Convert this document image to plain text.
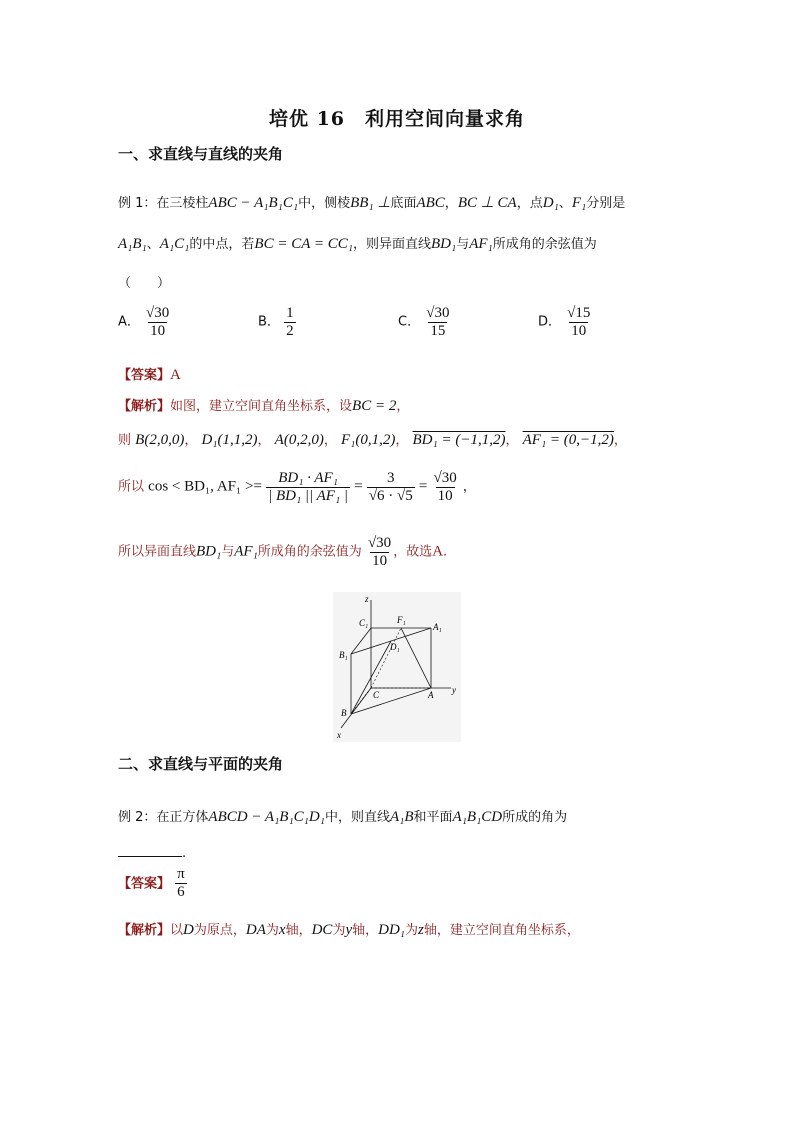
培优 16　利用空间向量求角
一、求直线与直线的夹角
例 1：在三棱柱ABC − A₁B₁C₁中，侧棱BB₁ ⊥底面ABC，BC ⊥ CA，点D₁、F₁分别是
A₁B₁、A₁C₁的中点，若BC = CA = CC₁，则异面直线BD₁与AF₁所成角的余弦值为
（　　）
A． $\frac{√30}{10}$	B． $\frac{1}{2}$	C． $\frac{√30}{15}$	D． $\frac{√15}{10}$
【答案】A
【解析】如图，建立空间直角坐标系，设BC = 2，
则 B(2,0,0)， D₁(1,1,2)， A(0,2,0)， F₁(0,1,2)， BD₁ = (−1,1,2)， AF₁ = (0,−1,2)，
所以 cos < BD₁, $AF_1 >= \frac{\text{BD₁ · AF₁}}{\text{| BD₁ || AF₁ |}} = \frac{3}{√6 \cdot √5} = \frac{√30}{10}$ ，
所以异面直线BD₁与AF₁所成角的余弦值为 $\frac{√30}{10}$ ，故选A.
z
y
x
C₁	F₁
A₁
B₁
D₁
C	A
B
二、求直线与平面的夹角
例 2：在正方体ABCD − A₁B₁C₁D₁中，则直线A₁B和平面A₁B₁CD所成的角为
.
【答案】 $\frac{\pi}{6}$
【解析】以D为原点，DA为x轴，DC为y轴，DD₁为z轴，建立空间直角坐标系，
